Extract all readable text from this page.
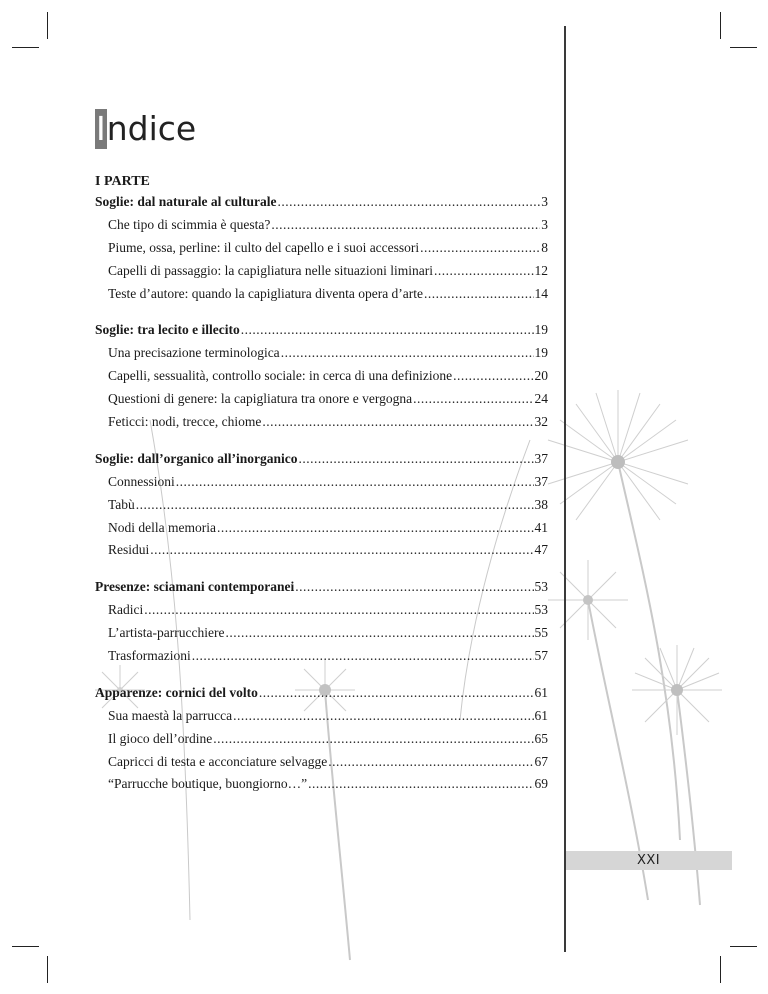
Indice
I PARTE
Soglie: dal naturale al culturale .....	3
Che tipo di scimmia è questa? .....	3
Piume, ossa, perline: il culto del capello e i suoi accessori .....	8
Capelli di passaggio: la capigliatura nelle situazioni liminari .....	12
Teste d’autore: quando la capigliatura diventa opera d’arte .....	14
Soglie: tra lecito e illecito .....	19
Una precisazione terminologica .....	19
Capelli, sessualità, controllo sociale: in cerca di una definizione .....	20
Questioni di genere: la capigliatura tra onore e vergogna .....	24
Feticci: nodi, trecce, chiome .....	32
Soglie: dall’organico all’inorganico .....	37
Connessioni .....	37
Tabù .....	38
Nodi della memoria .....	41
Residui .....	47
Presenze: sciamani contemporanei .....	53
Radici .....	53
L’artista-parrucchiere .....	55
Trasformazioni .....	57
Apparenze: cornici del volto .....	61
Sua maestà la parrucca .....	61
Il gioco dell’ordine .....	65
Capricci di testa e acconciature selvagge .....	67
“Parrucche boutique, buongiorno…” .....	69
XXI
